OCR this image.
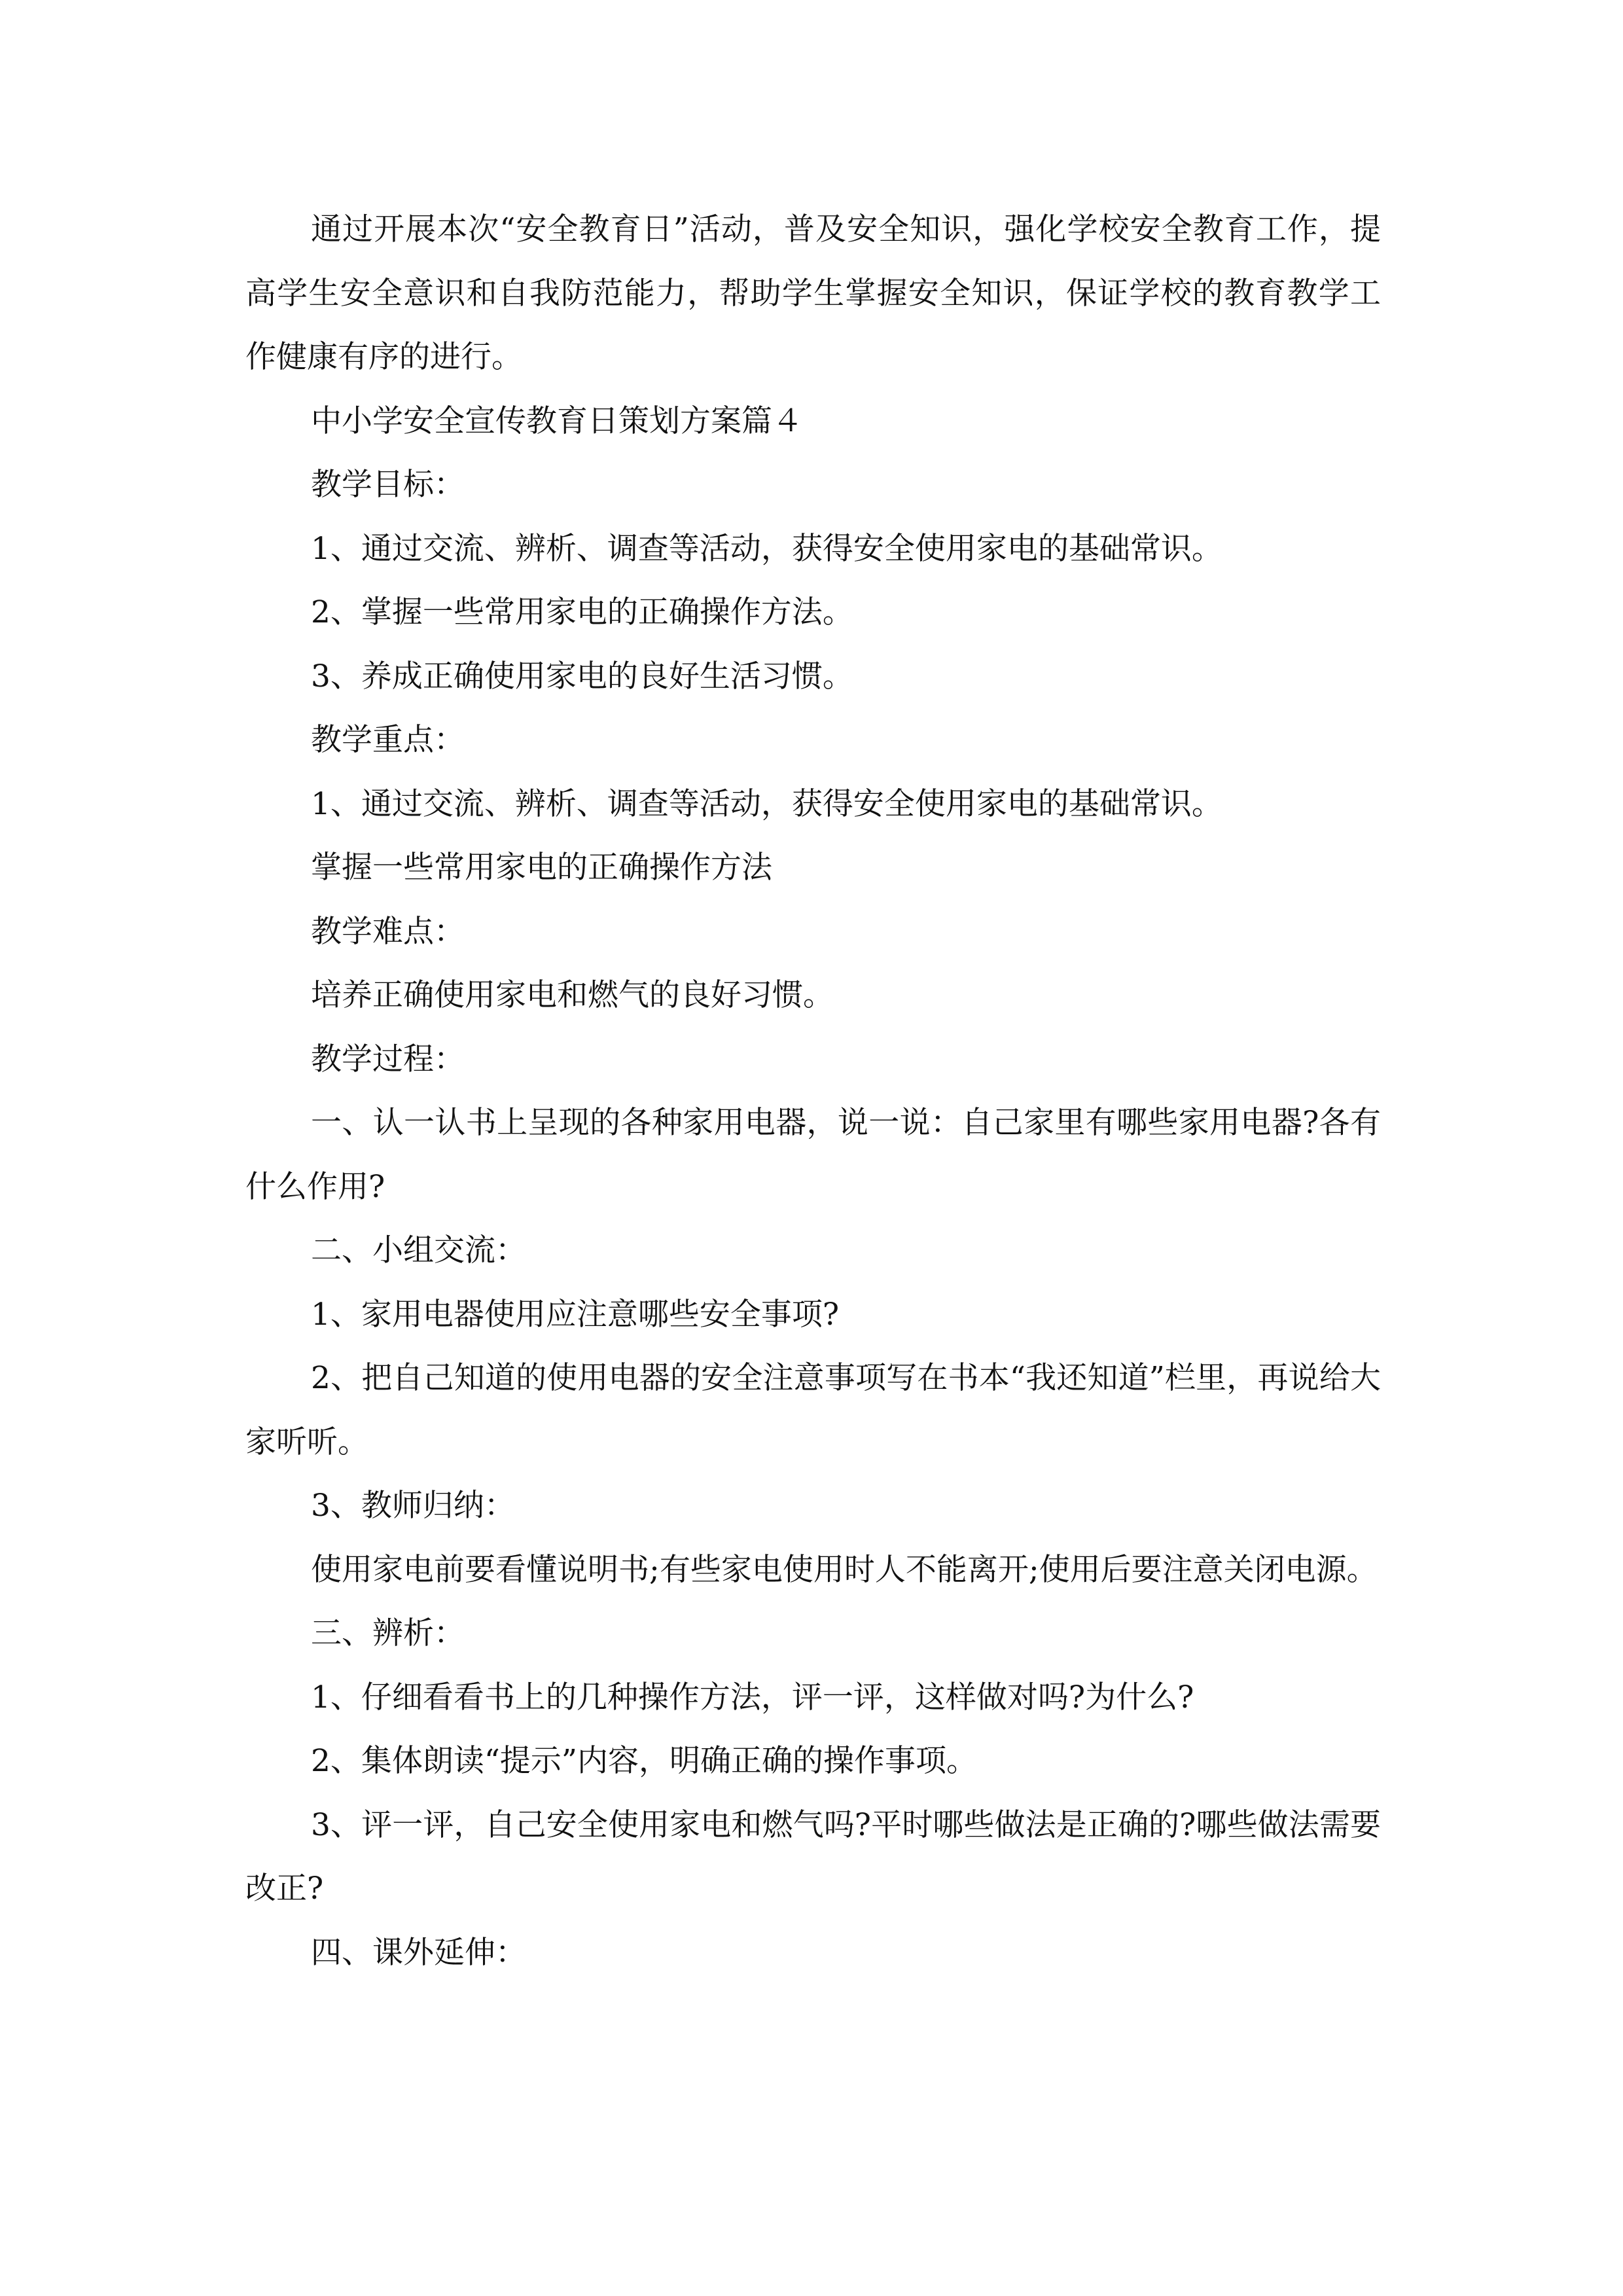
通过开展本次“安全教育日”活动，普及安全知识，强化学校安全教育工作，提高学生安全意识和自我防范能力，帮助学生掌握安全知识，保证学校的教育教学工作健康有序的进行。

中小学安全宣传教育日策划方案篇４

教学目标：

1、通过交流、辨析、调查等活动，获得安全使用家电的基础常识。

2、掌握一些常用家电的正确操作方法。

3、养成正确使用家电的良好生活习惯。

教学重点：

1、通过交流、辨析、调查等活动，获得安全使用家电的基础常识。

掌握一些常用家电的正确操作方法

教学难点：

培养正确使用家电和燃气的良好习惯。

教学过程：

一、认一认书上呈现的各种家用电器，说一说：自己家里有哪些家用电器?各有什么作用?

二、小组交流：

1、家用电器使用应注意哪些安全事项?

2、把自己知道的使用电器的安全注意事项写在书本“我还知道”栏里，再说给大家听听。

3、教师归纳：

使用家电前要看懂说明书;有些家电使用时人不能离开;使用后要注意关闭电源。

三、辨析：

1、仔细看看书上的几种操作方法，评一评，这样做对吗?为什么?

2、集体朗读“提示”内容，明确正确的操作事项。

3、评一评，自己安全使用家电和燃气吗?平时哪些做法是正确的?哪些做法需要改正?

四、课外延伸：
